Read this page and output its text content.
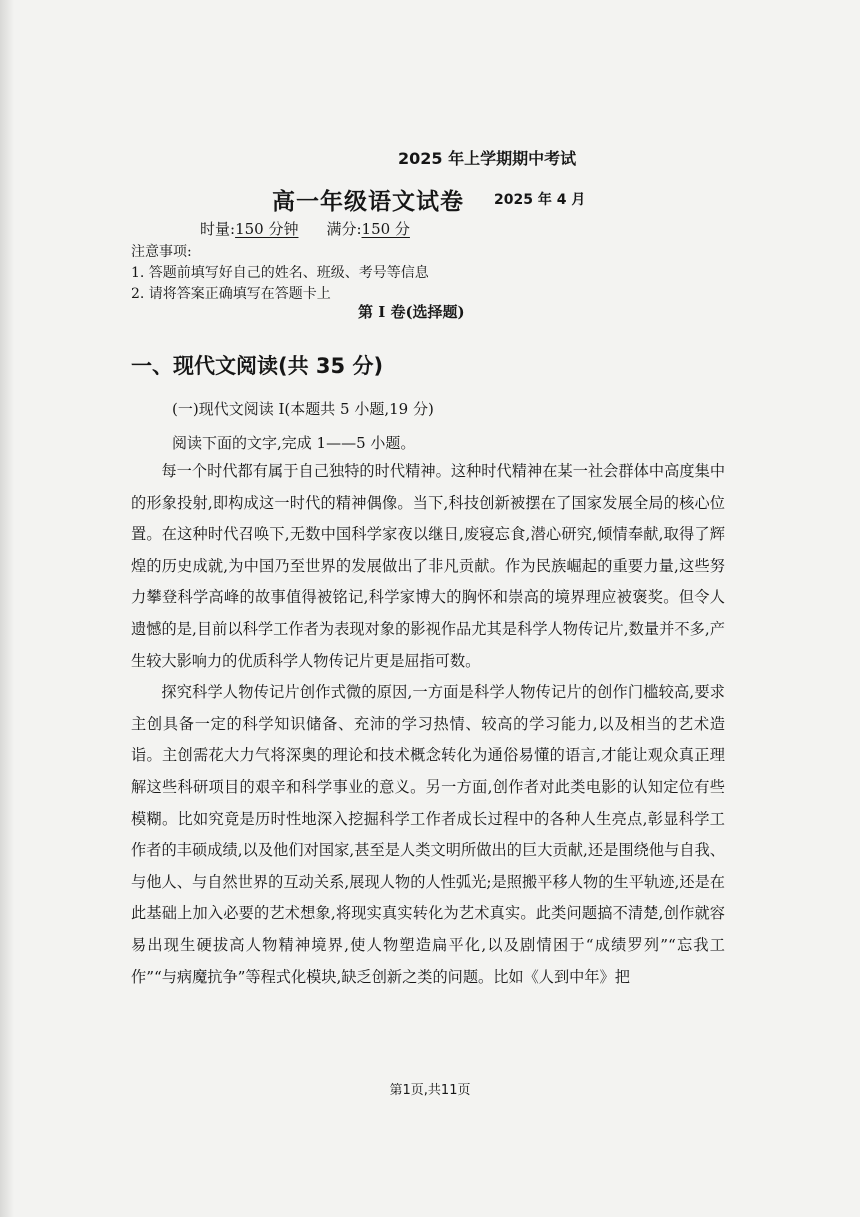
2025 年上学期期中考试
高一年级语文试卷 2025 年 4 月
时量:150 分钟 满分:150 分

注意事项:

1. 答题前填写好自己的姓名、班级、考号等信息

2. 请将答案正确填写在答题卡上

第 I 卷(选择题)
一、现代文阅读(共 35 分)

(一)现代文阅读 I(本题共 5 小题,19 分)

阅读下面的文字,完成 1——5 小题。

每一个时代都有属于自己独特的时代精神。这种时代精神在某一社会群体中高度集中的形象投射,即构成这一时代的精神偶像。当下,科技创新被摆在了国家发展全局的核心位置。在这种时代召唤下,无数中国科学家夜以继日,废寝忘食,潜心研究,倾情奉献,取得了辉煌的历史成就,为中国乃至世界的发展做出了非凡贡献。作为民族崛起的重要力量,这些努力攀登科学高峰的故事值得被铭记,科学家博大的胸怀和崇高的境界理应被褒奖。但令人遗憾的是,目前以科学工作者为表现对象的影视作品尤其是科学人物传记片,数量并不多,产生较大影响力的优质科学人物传记片更是屈指可数。

探究科学人物传记片创作式微的原因,一方面是科学人物传记片的创作门槛较高,要求主创具备一定的科学知识储备、充沛的学习热情、较高的学习能力,以及相当的艺术造诣。主创需花大力气将深奥的理论和技术概念转化为通俗易懂的语言,才能让观众真正理解这些科研项目的艰辛和科学事业的意义。另一方面,创作者对此类电影的认知定位有些模糊。比如究竟是历时性地深入挖掘科学工作者成长过程中的各种人生亮点,彰显科学工作者的丰硕成绩,以及他们对国家,甚至是人类文明所做出的巨大贡献,还是围绕他与自我、与他人、与自然世界的互动关系,展现人物的人性弧光;是照搬平移人物的生平轨迹,还是在此基础上加入必要的艺术想象,将现实真实转化为艺术真实。此类问题搞不清楚,创作就容易出现生硬拔高人物精神境界,使人物塑造扁平化,以及剧情困于“成绩罗列”“忘我工作”“与病魔抗争”等程式化模块,缺乏创新之类的问题。比如《人到中年》把

第1页,共11页
